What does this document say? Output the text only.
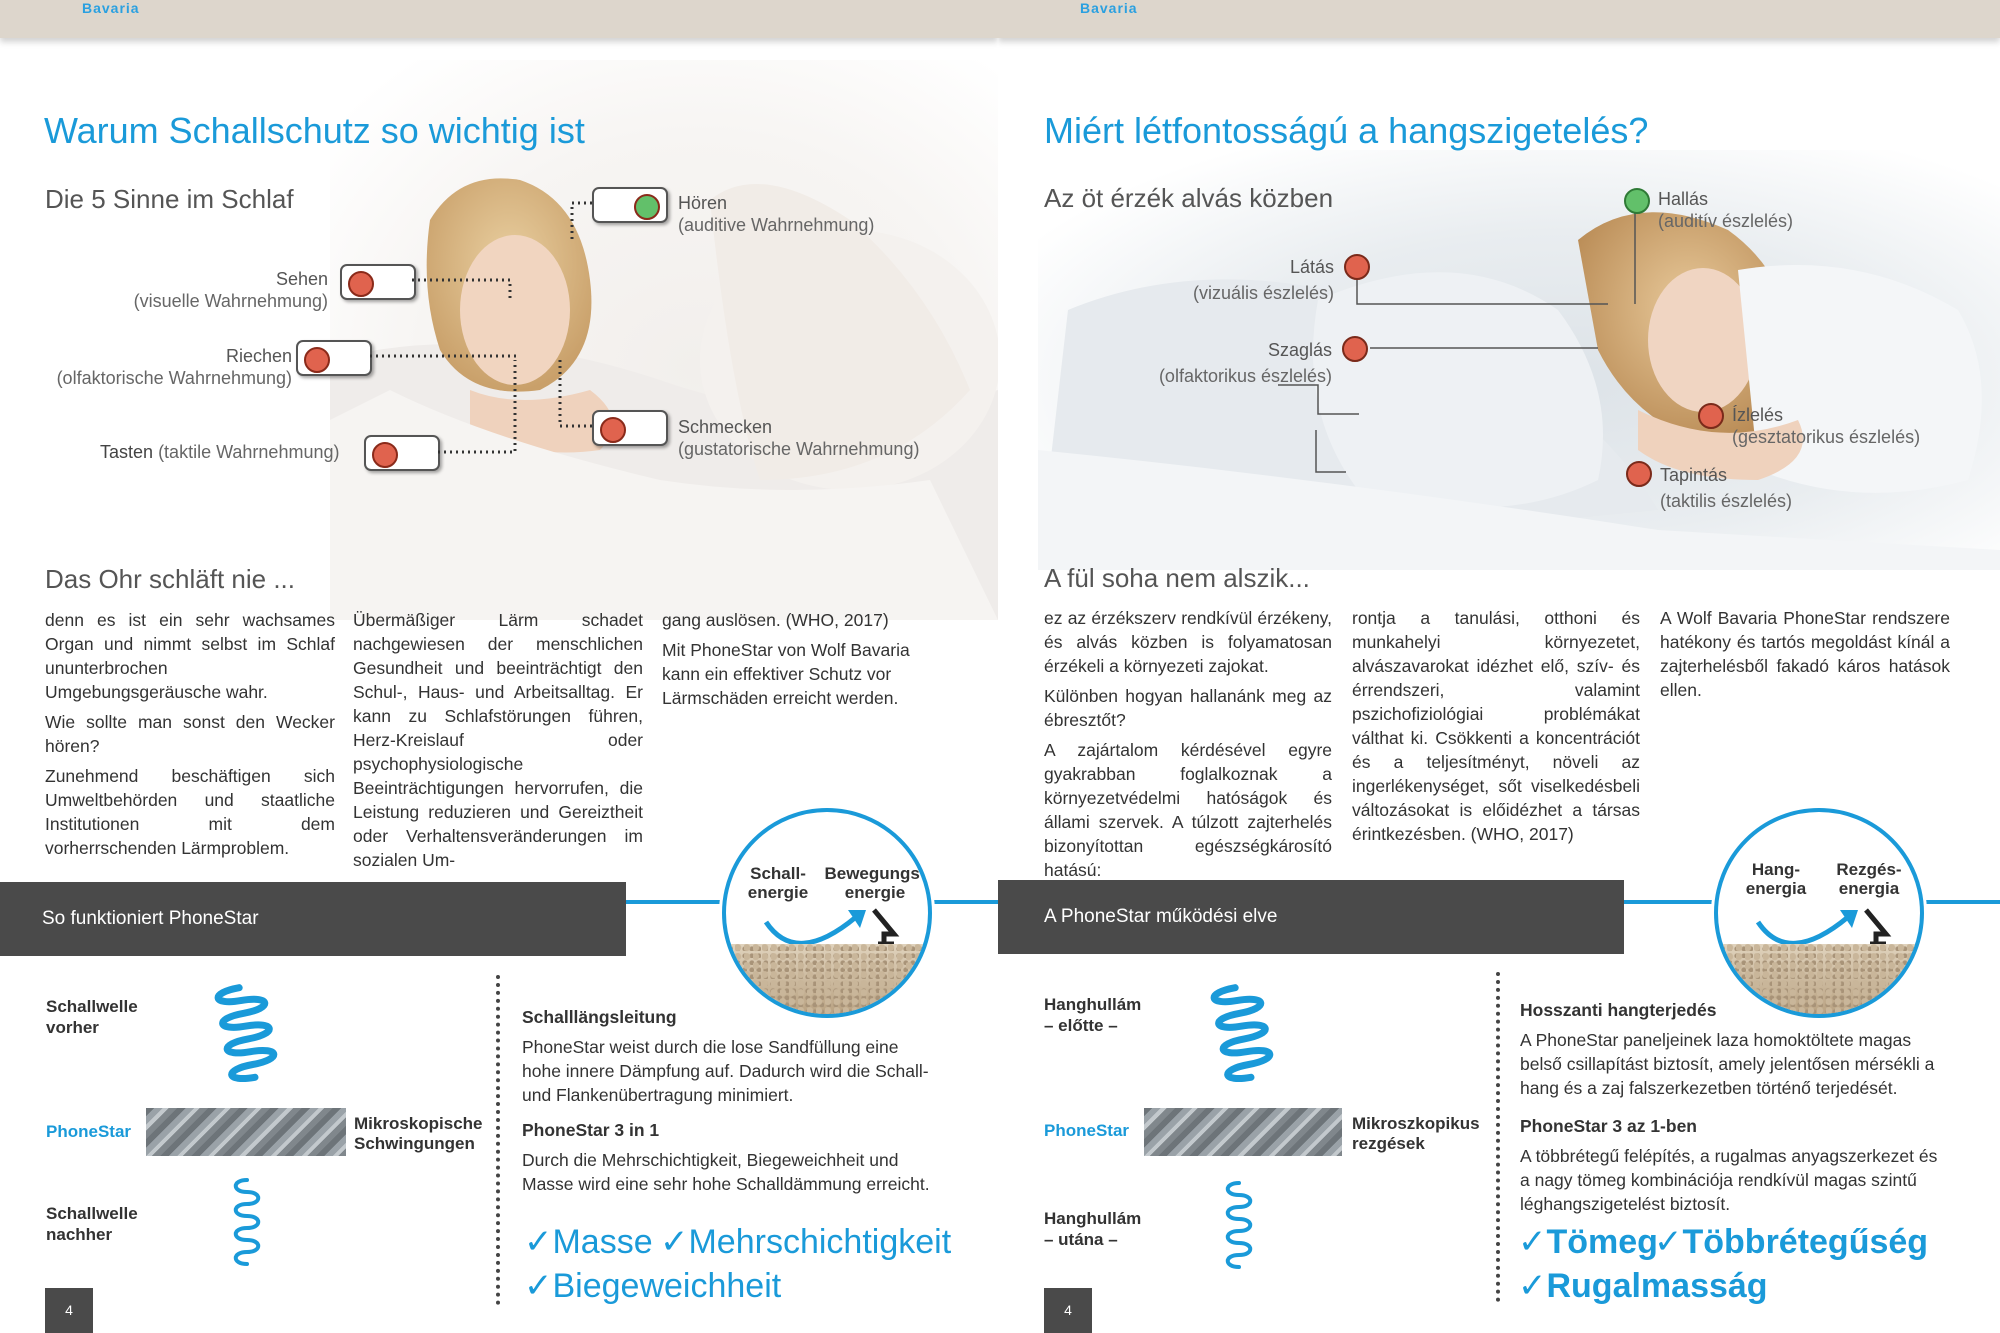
Bavaria
Warum Schallschutz so wichtig ist
Die 5 Sinne im Schlaf	Hören
(auditive Wahrnehmung)
Sehen
(visuelle Wahrnehmung)
Riechen
(olfaktorische Wahrnehmung)
Schmecken
(gustatorische Wahrnehmung)
Tasten (taktile Wahrnehmung)
Das Ohr schläft nie ...

denn es ist ein sehr wachsames Organ und nimmt selbst im Schlaf ununterbrochen Umgebungsgeräusche wahr.

Wie sollte man sonst den Wecker hören?

Zunehmend beschäftigen sich Umweltbehörden und staatliche Institutionen mit dem vorherrschenden Lärmproblem.

Übermäßiger Lärm schadet nachgewiesen der menschlichen Gesundheit und beeinträchtigt den Schul-, Haus- und Arbeitsalltag. Er kann zu Schlafstörungen führen, Herz-Kreislauf oder psychophysiologische Beeinträchtigungen hervorrufen, die Leistung reduzieren und Gereiztheit oder Verhaltensveränderungen im sozialen Um-

gang auslösen. (WHO, 2017)

Mit PhoneStar von Wolf Bavaria kann ein effektiver Schutz vor Lärmschäden erreicht werden.

So funktioniert PhoneStar
Schall-
energie
Bewegungs-
energie
Schallwelle
vorher
PhoneStar	Mikroskopische
Schwingungen
Schallwelle
nachher
Schalllängsleitung
PhoneStar weist durch die lose Sandfüllung eine hohe innere Dämpfung auf. Dadurch wird die Schall- und Flankenübertragung minimiert.
PhoneStar 3 in 1
Durch die Mehrschichtigkeit, Biegeweichheit und Masse wird eine sehr hohe Schalldämmung erreicht.
✓Masse ✓Mehrschichtigkeit
✓Biegeweichheit
4
Bavaria
Miért létfontosságú a hangszigetelés?
Az öt érzék alvás közben	Hallás
(auditív észlelés)
Látás
(vizuális észlelés)
Szaglás
(olfaktorikus észlelés)
Ízlelés
(gesztatorikus észlelés)
Tapintás
(taktilis észlelés)
A fül soha nem alszik...

ez az érzékszerv rendkívül érzékeny, és alvás közben is folyamatosan érzékeli a környezeti zajokat.

Különben hogyan hallanánk meg az ébresztőt?

A zajártalom kérdésével egyre gyakrabban foglalkoznak a környezetvédelmi hatóságok és állami szervek. A túlzott zajterhelés bizonyítottan egészségkárosító hatású:

rontja a tanulási, otthoni és munkahelyi környezetet, alvászavarokat idézhet elő, szív- és érrendszeri, valamint pszichofiziológiai problémákat válthat ki. Csökkenti a koncentrációt és a teljesítményt, növeli az ingerlékenységet, sőt viselkedésbeli változásokat is előidézhet a társas érintkezésben. (WHO, 2017)

A Wolf Bavaria PhoneStar rendszere hatékony és tartós megoldást kínál a zajterhelésből fakadó káros hatások ellen.

A PhoneStar működési elve
Hang-
energia
Rezgés-
energia
Hanghullám
– előtte –
PhoneStar	Mikroszkopikus
rezgések
Hanghullám
– utána –
Hosszanti hangterjedés
A PhoneStar paneljeinek laza homoktöltete magas belső csillapítást biztosít, amely jelentősen mérsékli a hang és a zaj falszerkezetben történő terjedését.
PhoneStar 3 az 1-ben
A többrétegű felépítés, a rugalmas anyagszerkezet és a nagy tömeg kombinációja rendkívül magas szintű léghangszigetelést biztosít.
✓Tömeg
✓Többrétegűség
✓Rugalmasság
4
